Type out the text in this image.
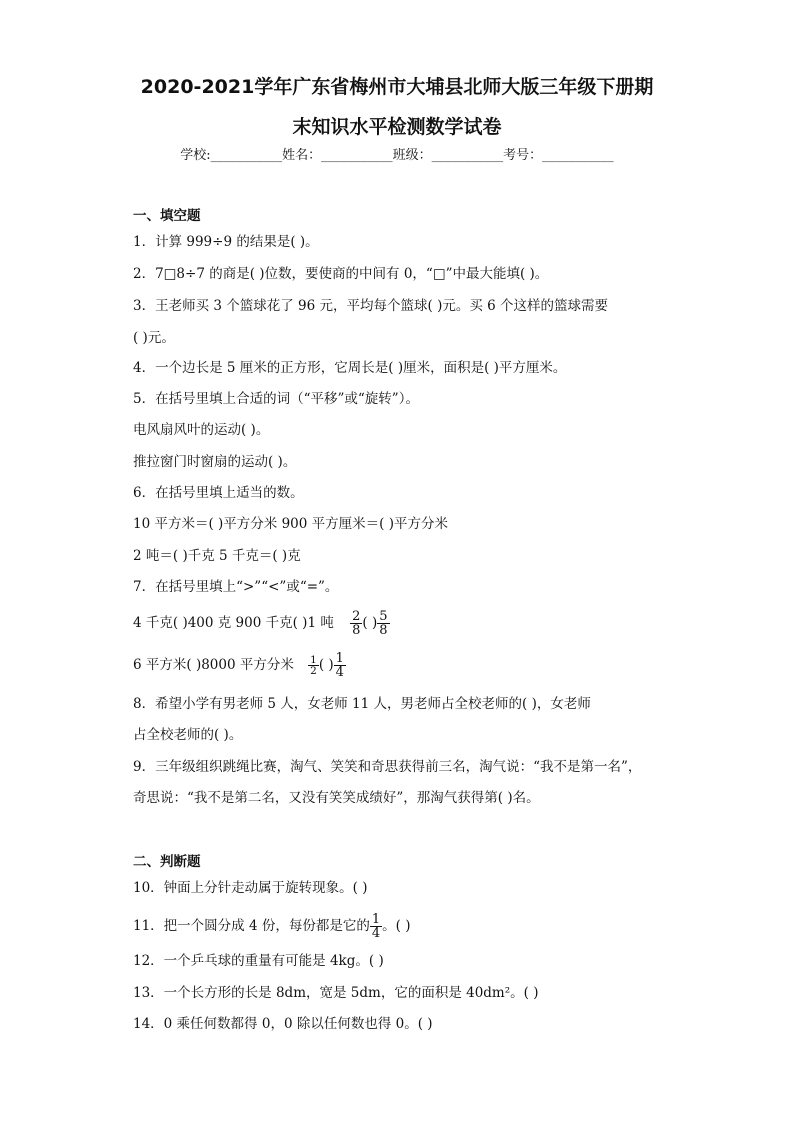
2020-2021学年广东省梅州市大埔县北师大版三年级下册期
末知识水平检测数学试卷
学校:___________姓名：___________班级：___________考号：___________
一、填空题
1．计算 999÷9 的结果是( )。
2．7□8÷7 的商是( )位数，要使商的中间有 0，“□”中最大能填( )。
3．王老师买 3 个篮球花了 96 元，平均每个篮球( )元。买 6 个这样的篮球需要
( )元。
4．一个边长是 5 厘米的正方形，它周长是( )厘米，面积是( )平方厘米。
5．在括号里填上合适的词（“平移”或“旋转”）。
电风扇风叶的运动( )。
推拉窗门时窗扇的运动( )。
6．在括号里填上适当的数。
10 平方米＝( )平方分米 900 平方厘米＝( )平方分米
2 吨＝( )千克 5 千克＝( )克
7．在括号里填上“>”“<”或“=”。
4 千克( )400 克 900 千克( )1 吨 $\frac{2}{8}$ ( ) $\frac{5}{8}$
6 平方米( )8000 平方分米 $\frac{1}{2}$ ( ) $\frac{1}{4}$
8．希望小学有男老师 5 人，女老师 11 人，男老师占全校老师的( )，女老师
占全校老师的( )。
9．三年级组织跳绳比赛，淘气、笑笑和奇思获得前三名，淘气说：“我不是第一名”，
奇思说：“我不是第二名，又没有笑笑成绩好”，那淘气获得第( )名。
二、判断题
10．钟面上分针走动属于旋转现象。( )
11．把一个圆分成 4 份，每份都是它的 $\frac{1}{4}$ 。( )
12．一个乒乓球的重量有可能是 4kg。( )
13．一个长方形的长是 8dm，宽是 5dm，它的面积是 40dm²。( )
14．0 乘任何数都得 0，0 除以任何数也得 0。( )
